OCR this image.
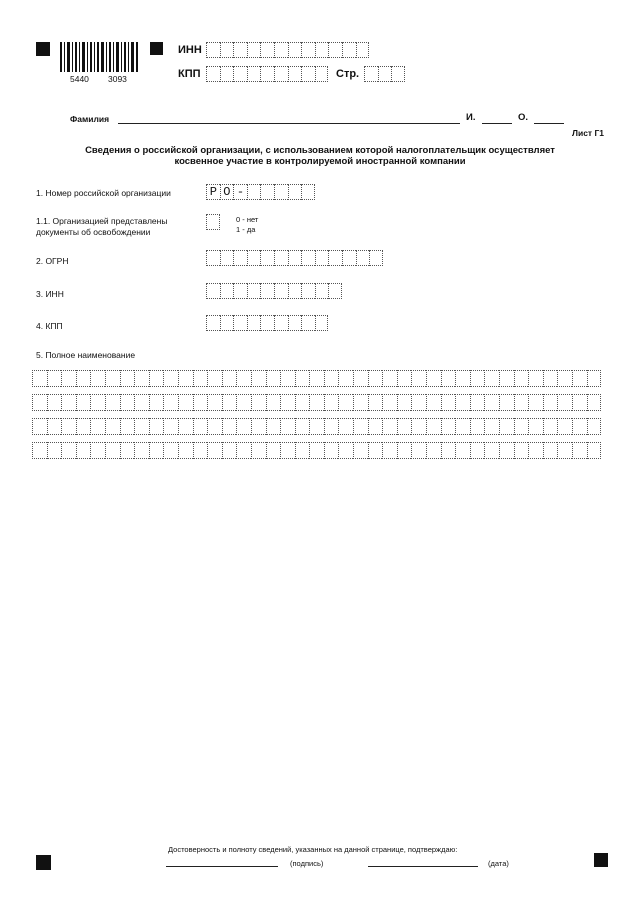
5440 3093
ИНН
КПП	Стр.
Фамилия	И.	О.
Лист Г1
Сведения о российской организации, с использованием которой налогоплательщик осуществляет
косвенное участие в контролируемой иностранной компании
1. Номер российской организации	Р О -
1.1. Организацией представлены
документы об освобождении
0 - нет
1 - да
2. ОГРН
3. ИНН
4. КПП
5. Полное наименование
Достоверность и полноту сведений, указанных на данной странице, подтверждаю:
(подпись)	(дата)
